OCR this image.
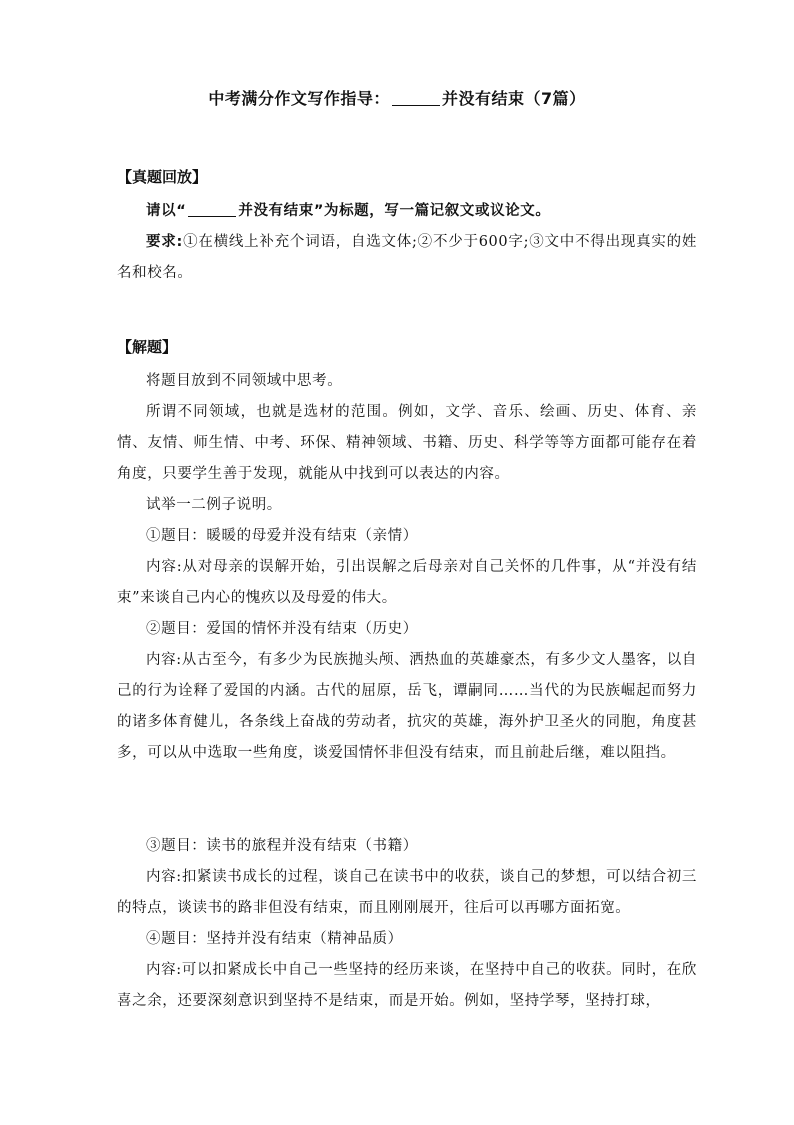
中考满分作文写作指导：	并没有结束（7篇）
【真题回放】
请以“	并没有结束”为标题，写一篇记叙文或议论文。
要求:①在横线上补充个词语，自选文体;②不少于600字;③文中不得出现真实的姓名和校名。
【解题】
将题目放到不同领域中思考。
所谓不同领域，也就是选材的范围。例如，文学、音乐、绘画、历史、体育、亲情、友情、师生情、中考、环保、精神领域、书籍、历史、科学等等方面都可能存在着角度，只要学生善于发现，就能从中找到可以表达的内容。
试举一二例子说明。
①题目：暖暖的母爱并没有结束（亲情）
内容:从对母亲的误解开始，引出误解之后母亲对自己关怀的几件事，从“并没有结束”来谈自己内心的愧疚以及母爱的伟大。
②题目：爱国的情怀并没有结束（历史）
内容:从古至今，有多少为民族抛头颅、洒热血的英雄豪杰，有多少文人墨客，以自己的行为诠释了爱国的内涵。古代的屈原，岳飞，谭嗣同……当代的为民族崛起而努力的诸多体育健儿，各条线上奋战的劳动者，抗灾的英雄，海外护卫圣火的同胞，角度甚多，可以从中选取一些角度，谈爱国情怀非但没有结束，而且前赴后继，难以阻挡。
③题目：读书的旅程并没有结束（书籍）
内容:扣紧读书成长的过程，谈自己在读书中的收获，谈自己的梦想，可以结合初三的特点，谈读书的路非但没有结束，而且刚刚展开，往后可以再哪方面拓宽。
④题目：坚持并没有结束（精神品质）
内容:可以扣紧成长中自己一些坚持的经历来谈，在坚持中自己的收获。同时，在欣喜之余，还要深刻意识到坚持不是结束，而是开始。例如，坚持学琴，坚持打球，
